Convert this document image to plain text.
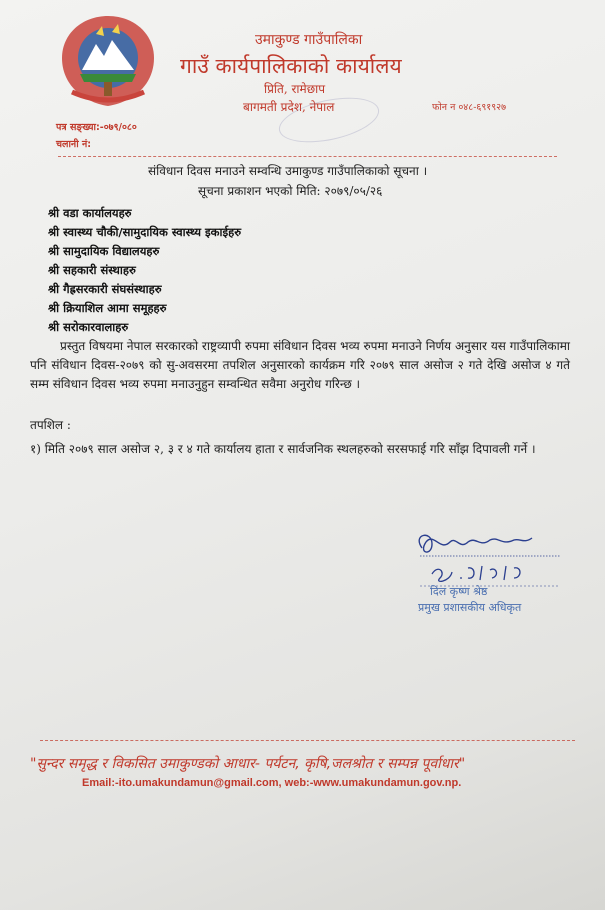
उमाकुण्ड गाउँपालिका
गाउँ कार्यपालिकाको कार्यालय
प्रिति, रामेछाप
बागमती प्रदेश, नेपाल	फोन न ०४८-६९१९२७
पत्र सङ्ख्या:-०७९/०८०
चलानी नं:
संविधान दिवस मनाउने सम्वन्धि उमाकुण्ड गाउँपालिकाको सूचना ।
सूचना प्रकाशन भएको मिति: २०७९/०५/२६
श्री वडा कार्यालयहरु
श्री स्वास्थ्य चौकी/सामुदायिक स्वास्थ्य इकाईहरु
श्री सामुदायिक विद्यालयहरु
श्री सहकारी संस्थाहरु
श्री गैह्रसरकारी संघसंस्थाहरु
श्री क्रियाशिल आमा समूहहरु
श्री सरोकारवालाहरु
प्रस्तुत विषयमा नेपाल सरकारको राष्ट्रव्यापी रुपमा संविधान दिवस भव्य रुपमा मनाउने निर्णय अनुसार यस गाउँपालिकामा पनि संविधान दिवस-२०७९ को सु-अवसरमा तपशिल अनुसारको कार्यक्रम गरि २०७९ साल असोज २ गते देखि असोज ४ गते सम्म संविधान दिवस भव्य रुपमा मनाउनुहुन सम्वन्धित सवैमा अनुरोध गरिन्छ ।
तपशिल :
१) मिति २०७९ साल असोज २, ३ र ४ गते कार्यालय हाता र सार्वजनिक स्थलहरुको सरसफाई गरि साँझ दिपावली गर्ने ।
दिल कृष्ण श्रेष्ठ
प्रमुख प्रशासकीय अधिकृत
"सुन्दर समृद्ध र विकसित उमाकुण्डको आधार- पर्यटन, कृषि,जलश्रोत र सम्पन्न पूर्वाधार"
Email:-ito.umakundamun@gmail.com, web:-www.umakundamun.gov.np.
